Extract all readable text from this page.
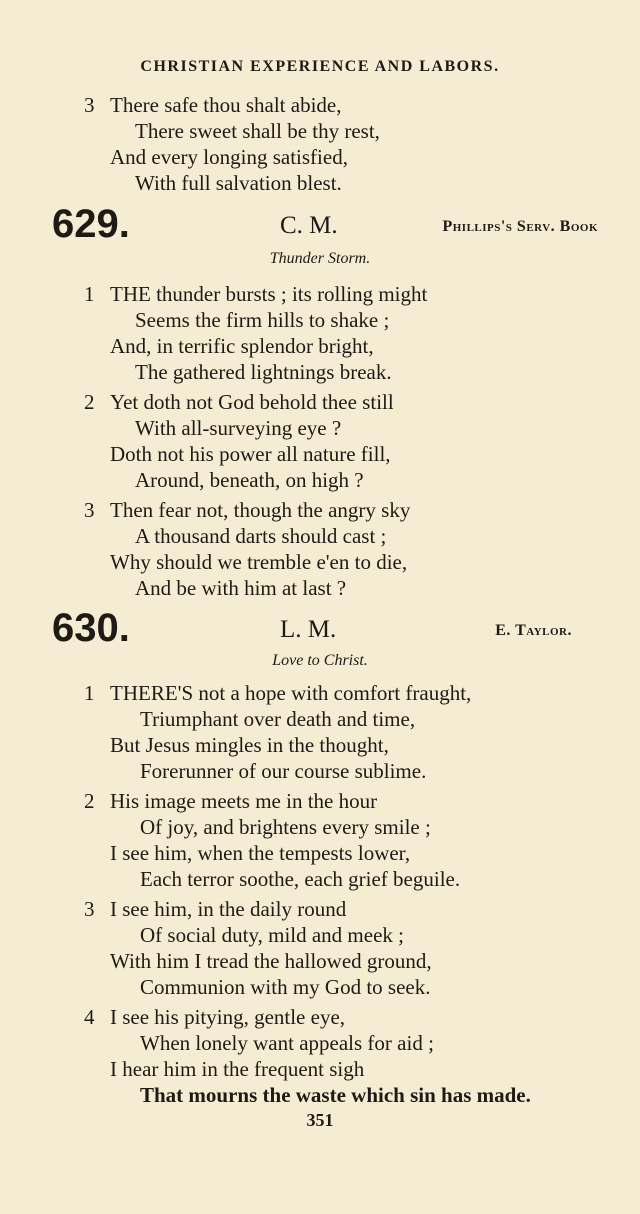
CHRISTIAN EXPERIENCE AND LABORS.
3 There safe thou shalt abide,
There sweet shall be thy rest,
And every longing satisfied,
With full salvation blest.
629.	C. M.	Phillips's Serv. Book
Thunder Storm.
1 THE thunder bursts ; its rolling might
Seems the firm hills to shake ;
And, in terrific splendor bright,
The gathered lightnings break.
2 Yet doth not God behold thee still
With all-surveying eye ?
Doth not his power all nature fill,
Around, beneath, on high ?
3 Then fear not, though the angry sky
A thousand darts should cast ;
Why should we tremble e'en to die,
And be with him at last ?
630.	L. M.	E. Taylor.
Love to Christ.
1 THERE'S not a hope with comfort fraught,
Triumphant over death and time,
But Jesus mingles in the thought,
Forerunner of our course sublime.
2 His image meets me in the hour
Of joy, and brightens every smile ;
I see him, when the tempests lower,
Each terror soothe, each grief beguile.
3 I see him, in the daily round
Of social duty, mild and meek ;
With him I tread the hallowed ground,
Communion with my God to seek.
4 I see his pitying, gentle eye,
When lonely want appeals for aid ;
I hear him in the frequent sigh
That mourns the waste which sin has made.
351
